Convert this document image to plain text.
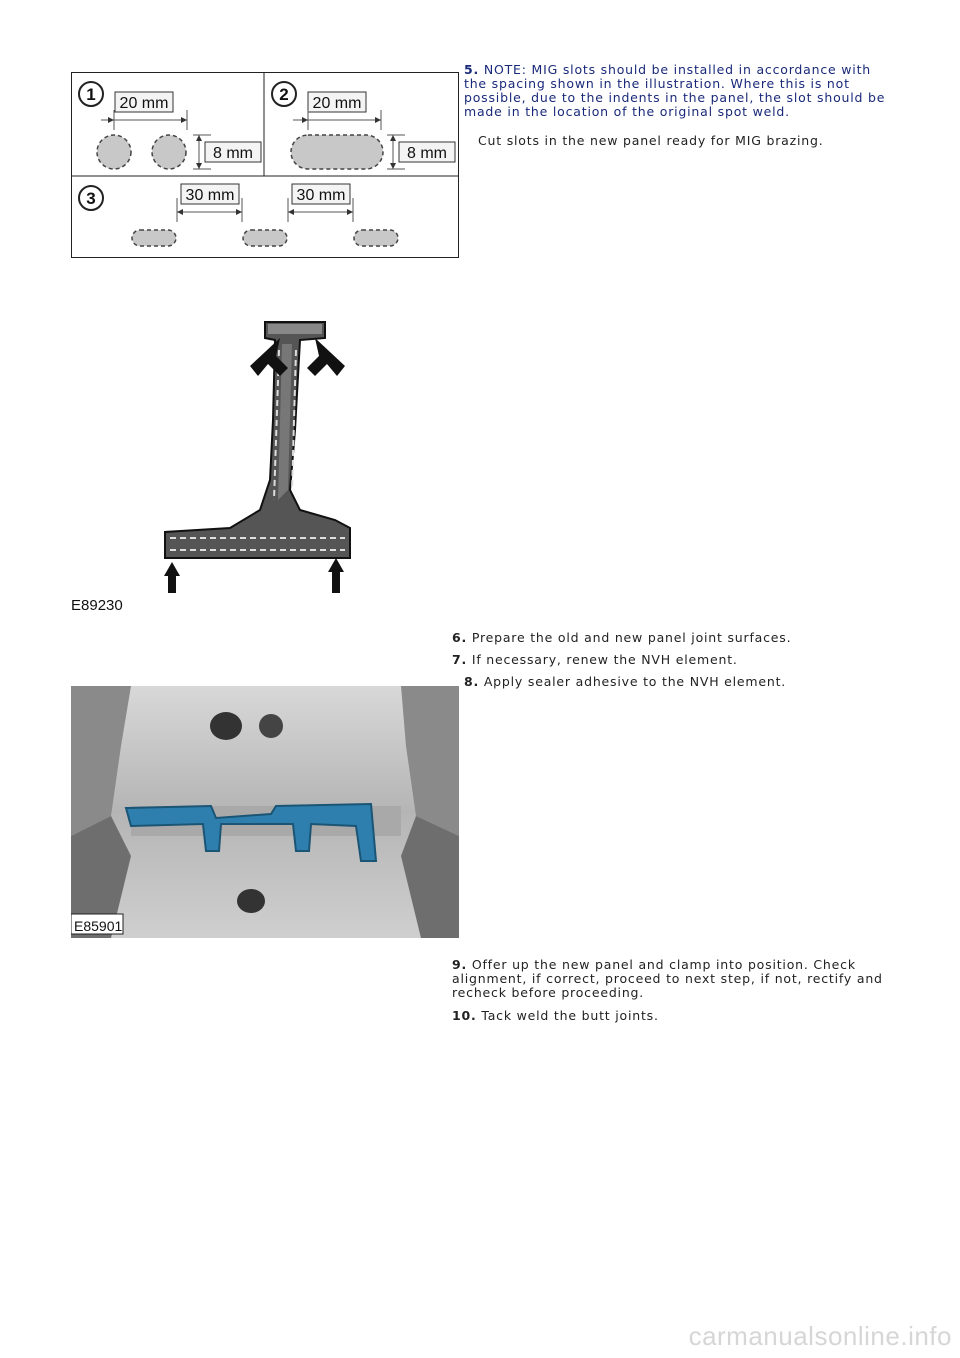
5. NOTE: MIG slots should be installed in accordance with the spacing shown in the illustration. Where this is not possible, due to the indents in the panel, the slot should be made in the location of the original spot weld.
Cut slots in the new panel ready for MIG brazing.
1 20 mm
8 mm
2 20 mm
8 mm
3	30 mm	30 mm
E89230
6. Prepare the old and new panel joint surfaces.
7. If necessary, renew the NVH element.
8. Apply sealer adhesive to the NVH element.
E85901
9. Offer up the new panel and clamp into position. Check alignment, if correct, proceed to next step, if not, rectify and recheck before proceeding.
10. Tack weld the butt joints.
carmanualsonline.info
